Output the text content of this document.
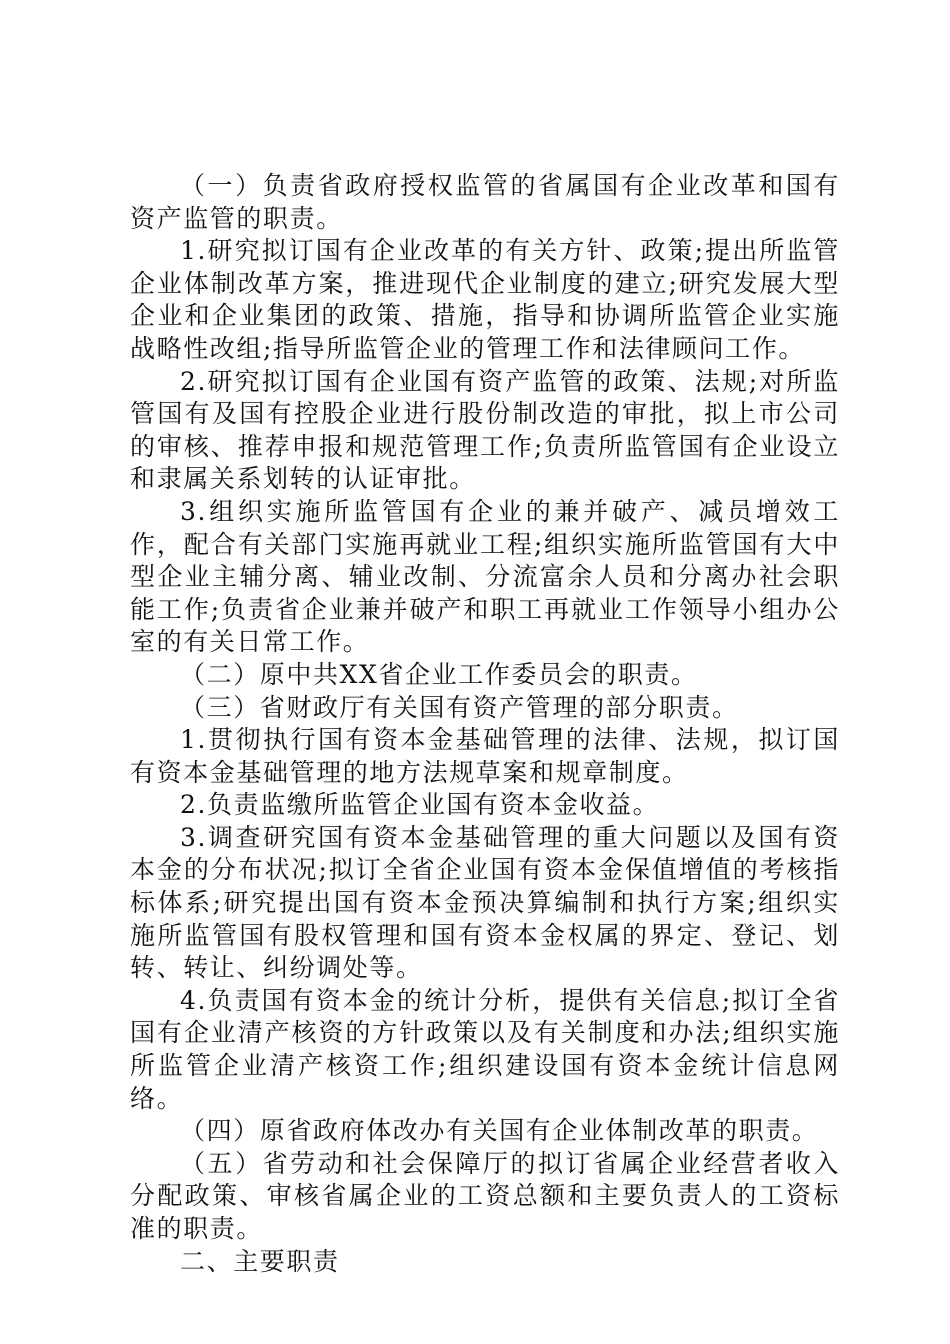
（一）负责省政府授权监管的省属国有企业改革和国有资产监管的职责。

1.研究拟订国有企业改革的有关方针、政策;提出所监管企业体制改革方案，推进现代企业制度的建立;研究发展大型企业和企业集团的政策、措施，指导和协调所监管企业实施战略性改组;指导所监管企业的管理工作和法律顾问工作。

2.研究拟订国有企业国有资产监管的政策、法规;对所监管国有及国有控股企业进行股份制改造的审批，拟上市公司的审核、推荐申报和规范管理工作;负责所监管国有企业设立和隶属关系划转的认证审批。

3.组织实施所监管国有企业的兼并破产、减员增效工作，配合有关部门实施再就业工程;组织实施所监管国有大中型企业主辅分离、辅业改制、分流富余人员和分离办社会职能工作;负责省企业兼并破产和职工再就业工作领导小组办公室的有关日常工作。

（二）原中共XX省企业工作委员会的职责。

（三）省财政厅有关国有资产管理的部分职责。

1.贯彻执行国有资本金基础管理的法律、法规，拟订国有资本金基础管理的地方法规草案和规章制度。

2.负责监缴所监管企业国有资本金收益。

3.调查研究国有资本金基础管理的重大问题以及国有资本金的分布状况;拟订全省企业国有资本金保值增值的考核指标体系;研究提出国有资本金预决算编制和执行方案;组织实施所监管国有股权管理和国有资本金权属的界定、登记、划转、转让、纠纷调处等。

4.负责国有资本金的统计分析，提供有关信息;拟订全省国有企业清产核资的方针政策以及有关制度和办法;组织实施所监管企业清产核资工作;组织建设国有资本金统计信息网络。

（四）原省政府体改办有关国有企业体制改革的职责。

（五）省劳动和社会保障厅的拟订省属企业经营者收入分配政策、审核省属企业的工资总额和主要负责人的工资标准的职责。

二、主要职责
